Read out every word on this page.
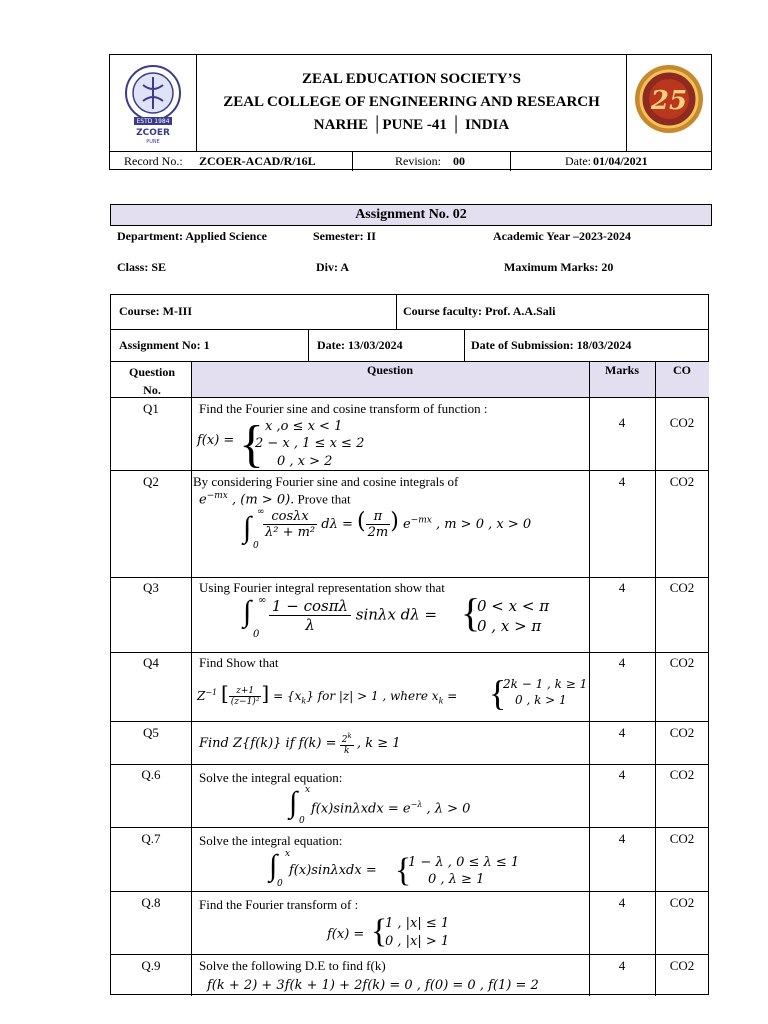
ESTD 1984
ZCOER
PUNE
ZEAL EDUCATION SOCIETY’S
ZEAL COLLEGE OF ENGINEERING AND RESEARCH
NARHE │PUNE -41 │ INDIA
25
Record No.: ZCOER-ACAD/R/16L	Revision: 00	Date: 01/04/2021
Assignment No. 02
Department: Applied Science	Semester: II	Academic Year –2023-2024
Class: SE	Div: A	Maximum Marks: 20
Course: M-III	Course faculty: Prof. A.A.Sali
Assignment No: 1	Date: 13/03/2024	Date of Submission: 18/03/2024
Question No.
Question	Marks	CO
Q1	Find the Fourier sine and cosine transform of function :
f(x) = { x ,o ≤ x < 1
2 − x , 1 ≤ x ≤ 2
0 , x > 2
4	CO2
Q2	By considering Fourier sine and cosine integrals of
$e^{-mx}$ , (m > 0). Prove that
∫ ∞
0
$\frac{\cos\lambda x}{\text{λ² + m²}}$ dλ = ( $\frac{\pi}{2m}$ ) $e^{-mx}$ , m > 0 , x > 0
4	CO2
Q3	Using Fourier integral representation show that
∫ ∞
0
$\frac{1 - \cos\pi\lambda}{\lambda}$ sinλx dλ = {
0 < x < π
0 , x > π
4	CO2
Q4	Find Show that
$Z^{-1}$ [ $\frac{z+1}{\text{(z−1)²}}$ ] = $\{x_k\}$ for |z| > 1 , where $x_k$ = {
2k − 1 , k ≥ 1
0 , k > 1
4	CO2
Q5
Find Z{f(k)} if $f(k) = \frac{2^k}{k}$ , k ≥ 1
4	CO2
Q.6	Solve the integral equation:
∫ x
0
$f(x)\sin\lambda xdx = e^{-\lambda}$ , λ > 0
4	CO2
Q.7	Solve the integral equation:
∫ x
0
f(x)sinλxdx = {
1 − λ , 0 ≤ λ ≤ 1
0 , λ ≥ 1
4	CO2
Q.8	Find the Fourier transform of :
f(x) = {
1 , |x| ≤ 1
0 , |x| > 1
4	CO2
Q.9	Solve the following D.E to find f(k)
f(k + 2) + 3f(k + 1) + 2f(k) = 0 , f(0) = 0 , f(1) = 2
4	CO2
